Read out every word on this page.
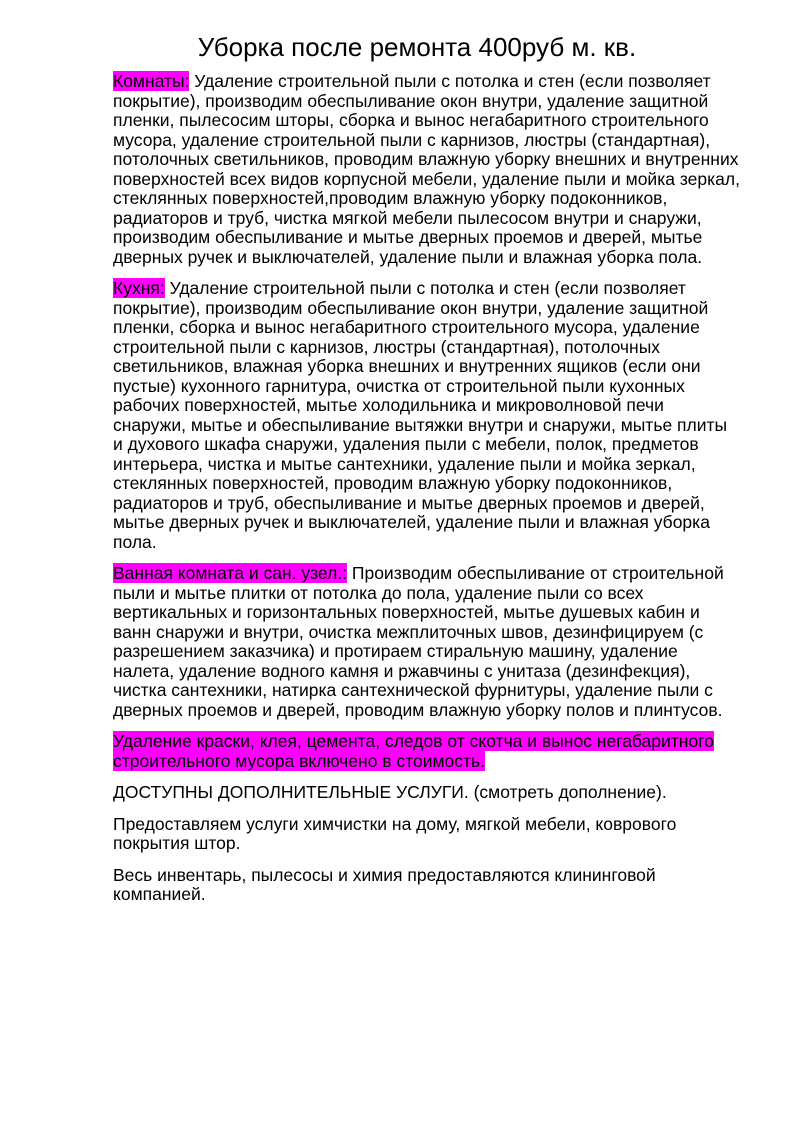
Уборка после ремонта 400руб м. кв.

Комнаты: Удаление строительной пыли с потолка и стен (если позволяет покрытие), производим обеспыливание окон внутри, удаление защитной пленки, пылесосим шторы, сборка и вынос негабаритного строительного мусора, удаление строительной пыли с карнизов, люстры (стандартная), потолочных светильников, проводим влажную уборку внешних и внутренних поверхностей всех видов корпусной мебели, удаление пыли и мойка зеркал, стеклянных поверхностей,проводим влажную уборку подоконников, радиаторов и труб, чистка мягкой мебели пылесосом внутри и снаружи, производим обеспыливание и мытье дверных проемов и дверей, мытье дверных ручек и выключателей, удаление пыли и влажная уборка пола.

Кухня: Удаление строительной пыли с потолка и стен (если позволяет покрытие), производим обеспыливание окон внутри, удаление защитной пленки, сборка и вынос негабаритного строительного мусора, удаление строительной пыли с карнизов, люстры (стандартная), потолочных светильников, влажная уборка внешних и внутренних ящиков (если они пустые) кухонного гарнитура, очистка от строительной пыли кухонных рабочих поверхностей, мытье холодильника и микроволновой печи снаружи, мытье и обеспыливание вытяжки внутри и снаружи, мытье плиты и духового шкафа снаружи, удаления пыли с мебели, полок, предметов интерьера, чистка и мытье сантехники, удаление пыли и мойка зеркал, стеклянных поверхностей, проводим влажную уборку подоконников, радиаторов и труб, обеспыливание и мытье дверных проемов и дверей, мытье дверных ручек и выключателей, удаление пыли и влажная уборка пола.

Ванная комната и сан. узел.: Производим обеспыливание от строительной пыли и мытье плитки от потолка до пола, удаление пыли со всех вертикальных и горизонтальных поверхностей, мытье душевых кабин и ванн снаружи и внутри, очистка межплиточных швов, дезинфицируем (с разрешением заказчика) и протираем стиральную машину, удаление налета, удаление водного камня и ржавчины с унитаза (дезинфекция), чистка сантехники, натирка сантехнической фурнитуры, удаление пыли с дверных проемов и дверей, проводим влажную уборку полов и плинтусов.

Удаление краски, клея, цемента, следов от скотча и вынос негабаритного строительного мусора включено в стоимость.

ДОСТУПНЫ ДОПОЛНИТЕЛЬНЫЕ УСЛУГИ. (смотреть дополнение).

Предоставляем услуги химчистки на дому, мягкой мебели, коврового покрытия штор.

Весь инвентарь, пылесосы и химия предоставляются клининговой компанией.
